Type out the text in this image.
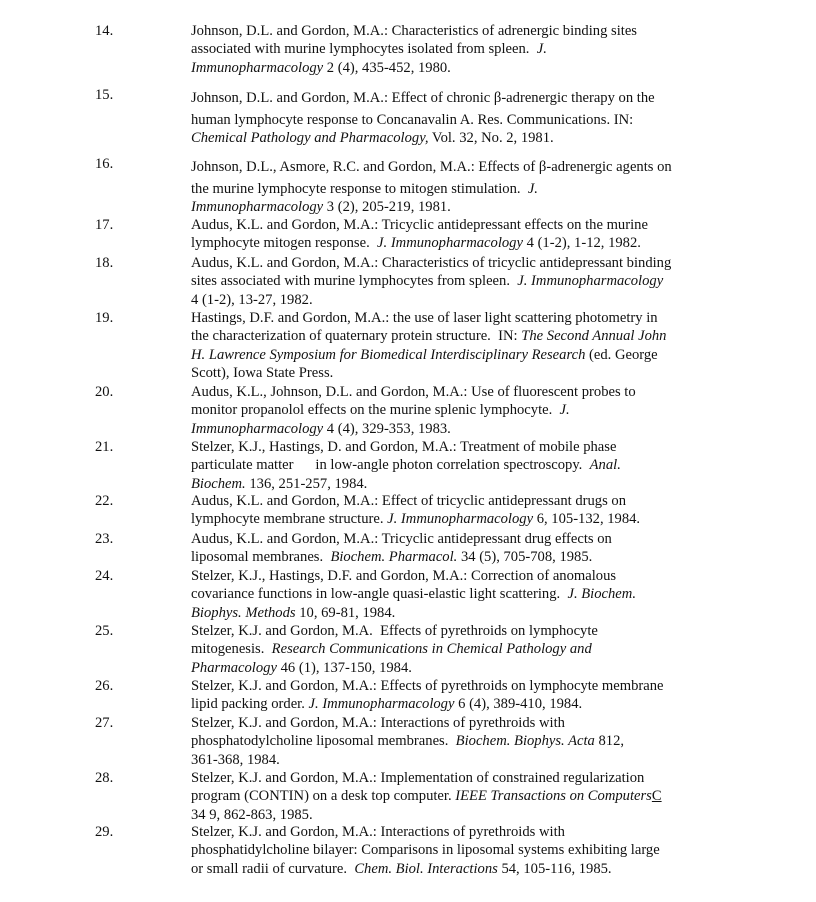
14.	Johnson, D.L. and Gordon, M.A.: Characteristics of adrenergic binding sites
associated with murine lymphocytes isolated from spleen.  J.
Immunopharmacology 2 (4), 435-452, 1980.
15.	Johnson, D.L. and Gordon, M.A.: Effect of chronic β-adrenergic therapy on the
human lymphocyte response to Concanavalin A. Res. Communications. IN:
Chemical Pathology and Pharmacology, Vol. 32, No. 2, 1981.
16.	Johnson, D.L., Asmore, R.C. and Gordon, M.A.: Effects of β-adrenergic agents on
the murine lymphocyte response to mitogen stimulation.  J.
Immunopharmacology 3 (2), 205-219, 1981.
17.	Audus, K.L. and Gordon, M.A.: Tricyclic antidepressant effects on the murine
lymphocyte mitogen response.  J. Immunopharmacology 4 (1-2), 1-12, 1982.
18.	Audus, K.L. and Gordon, M.A.: Characteristics of tricyclic antidepressant binding
sites associated with murine lymphocytes from spleen.  J. Immunopharmacology
4 (1-2), 13-27, 1982.
19.	Hastings, D.F. and Gordon, M.A.: the use of laser light scattering photometry in
the characterization of quaternary protein structure.  IN: The Second Annual John
H. Lawrence Symposium for Biomedical Interdisciplinary Research (ed. George
Scott), Iowa State Press.
20.	Audus, K.L., Johnson, D.L. and Gordon, M.A.: Use of fluorescent probes to
monitor propanolol effects on the murine splenic lymphocyte.  J.
Immunopharmacology 4 (4), 329-353, 1983.
21.	Stelzer, K.J., Hastings, D. and Gordon, M.A.: Treatment of mobile phase
particulate matter      in low-angle photon correlation spectroscopy.  Anal.
Biochem. 136, 251-257, 1984.
22.	Audus, K.L. and Gordon, M.A.: Effect of tricyclic antidepressant drugs on
lymphocyte membrane structure. J. Immunopharmacology 6, 105-132, 1984.
23.	Audus, K.L. and Gordon, M.A.: Tricyclic antidepressant drug effects on
liposomal membranes.  Biochem. Pharmacol. 34 (5), 705-708, 1985.
24.	Stelzer, K.J., Hastings, D.F. and Gordon, M.A.: Correction of anomalous
covariance functions in low-angle quasi-elastic light scattering.  J. Biochem.
Biophys. Methods 10, 69-81, 1984.
25.	Stelzer, K.J. and Gordon, M.A.  Effects of pyrethroids on lymphocyte
mitogenesis.  Research Communications in Chemical Pathology and
Pharmacology 46 (1), 137-150, 1984.
26.	Stelzer, K.J. and Gordon, M.A.: Effects of pyrethroids on lymphocyte membrane
lipid packing order. J. Immunopharmacology 6 (4), 389-410, 1984.
27.	Stelzer, K.J. and Gordon, M.A.: Interactions of pyrethroids with
phosphatodylcholine liposomal membranes.  Biochem. Biophys. Acta 812,
361-368, 1984.
28.	Stelzer, K.J. and Gordon, M.A.: Implementation of constrained regularization
program (CONTIN) on a desk top computer. IEEE Transactions on ComputersC
34 9, 862-863, 1985.
29.	Stelzer, K.J. and Gordon, M.A.: Interactions of pyrethroids with
phosphatidylcholine bilayer: Comparisons in liposomal systems exhibiting large
or small radii of curvature.  Chem. Biol. Interactions 54, 105-116, 1985.
